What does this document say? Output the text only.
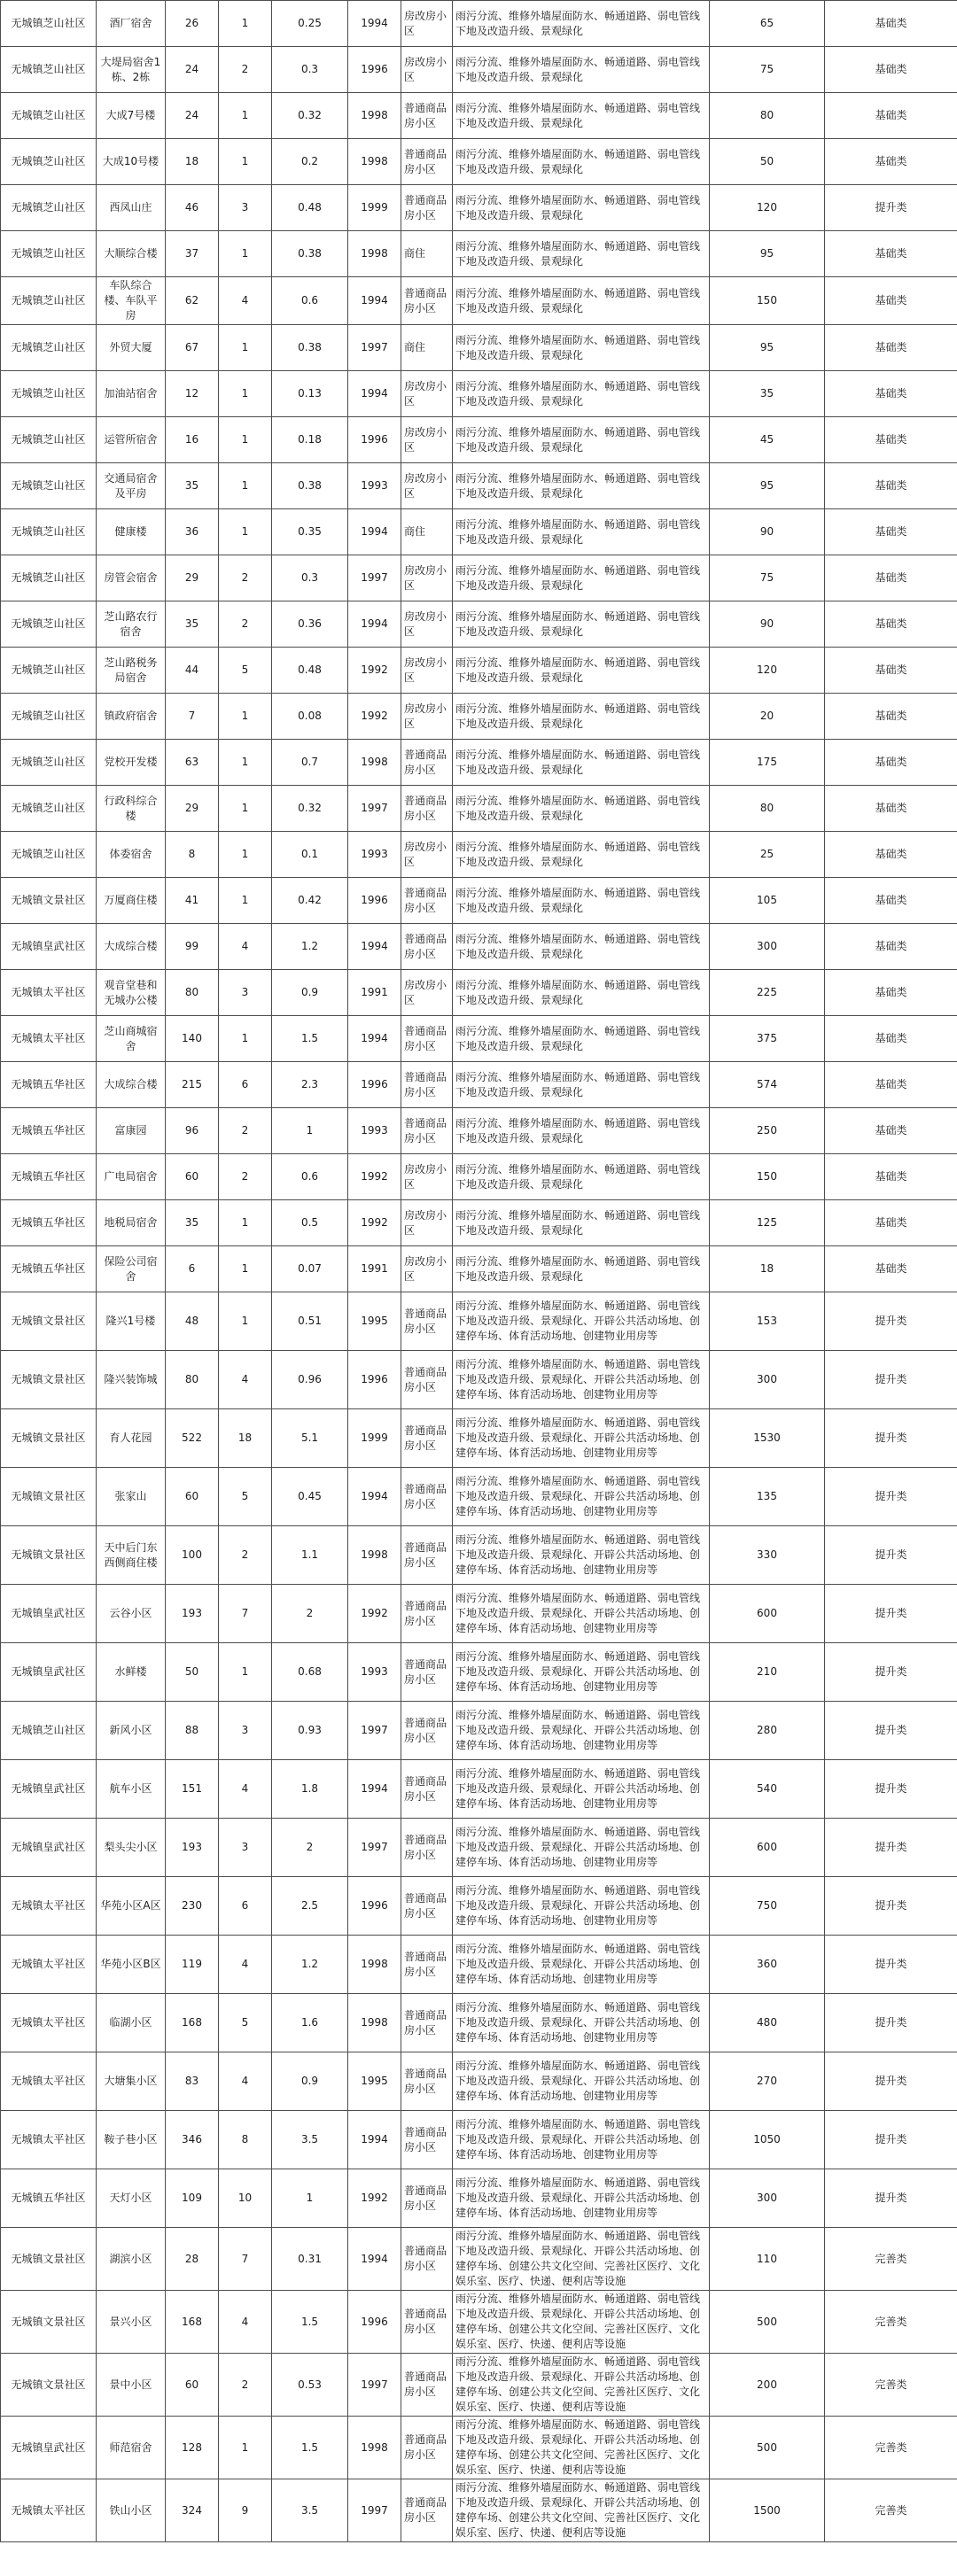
无城镇芝山社区	酒厂宿舍	26	1	0.25	1994	房改房小区	雨污分流、维修外墙屋面防水、畅通道路、弱电管线下地及改造升级、景观绿化	65	基础类
无城镇芝山社区	大堤局宿舍1栋、2栋	24	2	0.3	1996	房改房小区	雨污分流、维修外墙屋面防水、畅通道路、弱电管线下地及改造升级、景观绿化	75	基础类
无城镇芝山社区	大成7号楼	24	1	0.32	1998	普通商品房小区	雨污分流、维修外墙屋面防水、畅通道路、弱电管线下地及改造升级、景观绿化	80	基础类
无城镇芝山社区	大成10号楼	18	1	0.2	1998	普通商品房小区	雨污分流、维修外墙屋面防水、畅通道路、弱电管线下地及改造升级、景观绿化	50	基础类
无城镇芝山社区	西凤山庄	46	3	0.48	1999	普通商品房小区	雨污分流、维修外墙屋面防水、畅通道路、弱电管线下地及改造升级、景观绿化	120	提升类
无城镇芝山社区	大顺综合楼	37	1	0.38	1998	商住	雨污分流、维修外墙屋面防水、畅通道路、弱电管线下地及改造升级、景观绿化	95	基础类
无城镇芝山社区	车队综合楼、车队平房	62	4	0.6	1994	普通商品房小区	雨污分流、维修外墙屋面防水、畅通道路、弱电管线下地及改造升级、景观绿化	150	基础类
无城镇芝山社区	外贸大厦	67	1	0.38	1997	商住	雨污分流、维修外墙屋面防水、畅通道路、弱电管线下地及改造升级、景观绿化	95	基础类
无城镇芝山社区	加油站宿舍	12	1	0.13	1994	房改房小区	雨污分流、维修外墙屋面防水、畅通道路、弱电管线下地及改造升级、景观绿化	35	基础类
无城镇芝山社区	运管所宿舍	16	1	0.18	1996	房改房小区	雨污分流、维修外墙屋面防水、畅通道路、弱电管线下地及改造升级、景观绿化	45	基础类
无城镇芝山社区	交通局宿舍及平房	35	1	0.38	1993	房改房小区	雨污分流、维修外墙屋面防水、畅通道路、弱电管线下地及改造升级、景观绿化	95	基础类
无城镇芝山社区	健康楼	36	1	0.35	1994	商住	雨污分流、维修外墙屋面防水、畅通道路、弱电管线下地及改造升级、景观绿化	90	基础类
无城镇芝山社区	房管会宿舍	29	2	0.3	1997	房改房小区	雨污分流、维修外墙屋面防水、畅通道路、弱电管线下地及改造升级、景观绿化	75	基础类
无城镇芝山社区	芝山路农行宿舍	35	2	0.36	1994	房改房小区	雨污分流、维修外墙屋面防水、畅通道路、弱电管线下地及改造升级、景观绿化	90	基础类
无城镇芝山社区	芝山路税务局宿舍	44	5	0.48	1992	房改房小区	雨污分流、维修外墙屋面防水、畅通道路、弱电管线下地及改造升级、景观绿化	120	基础类
无城镇芝山社区	镇政府宿舍	7	1	0.08	1992	房改房小区	雨污分流、维修外墙屋面防水、畅通道路、弱电管线下地及改造升级、景观绿化	20	基础类
无城镇芝山社区	党校开发楼	63	1	0.7	1998	普通商品房小区	雨污分流、维修外墙屋面防水、畅通道路、弱电管线下地及改造升级、景观绿化	175	基础类
无城镇芝山社区	行政科综合楼	29	1	0.32	1997	普通商品房小区	雨污分流、维修外墙屋面防水、畅通道路、弱电管线下地及改造升级、景观绿化	80	基础类
无城镇芝山社区	体委宿舍	8	1	0.1	1993	房改房小区	雨污分流、维修外墙屋面防水、畅通道路、弱电管线下地及改造升级、景观绿化	25	基础类
无城镇文景社区	万厦商住楼	41	1	0.42	1996	普通商品房小区	雨污分流、维修外墙屋面防水、畅通道路、弱电管线下地及改造升级、景观绿化	105	基础类
无城镇皇武社区	大成综合楼	99	4	1.2	1994	普通商品房小区	雨污分流、维修外墙屋面防水、畅通道路、弱电管线下地及改造升级、景观绿化	300	基础类
无城镇太平社区	观音堂巷和无城办公楼	80	3	0.9	1991	房改房小区	雨污分流、维修外墙屋面防水、畅通道路、弱电管线下地及改造升级、景观绿化	225	基础类
无城镇太平社区	芝山商城宿舍	140	1	1.5	1994	普通商品房小区	雨污分流、维修外墙屋面防水、畅通道路、弱电管线下地及改造升级、景观绿化	375	基础类
无城镇五华社区	大成综合楼	215	6	2.3	1996	普通商品房小区	雨污分流、维修外墙屋面防水、畅通道路、弱电管线下地及改造升级、景观绿化	574	基础类
无城镇五华社区	富康园	96	2	1	1993	普通商品房小区	雨污分流、维修外墙屋面防水、畅通道路、弱电管线下地及改造升级、景观绿化	250	基础类
无城镇五华社区	广电局宿舍	60	2	0.6	1992	房改房小区	雨污分流、维修外墙屋面防水、畅通道路、弱电管线下地及改造升级、景观绿化	150	基础类
无城镇五华社区	地税局宿舍	35	1	0.5	1992	房改房小区	雨污分流、维修外墙屋面防水、畅通道路、弱电管线下地及改造升级、景观绿化	125	基础类
无城镇五华社区	保险公司宿舍	6	1	0.07	1991	房改房小区	雨污分流、维修外墙屋面防水、畅通道路、弱电管线下地及改造升级、景观绿化	18	基础类
无城镇文景社区	隆兴1号楼	48	1	0.51	1995	普通商品房小区	雨污分流、维修外墙屋面防水、畅通道路、弱电管线下地及改造升级、景观绿化、开辟公共活动场地、创建停车场、体育活动场地、创建物业用房等	153	提升类
无城镇文景社区	隆兴装饰城	80	4	0.96	1996	普通商品房小区	雨污分流、维修外墙屋面防水、畅通道路、弱电管线下地及改造升级、景观绿化、开辟公共活动场地、创建停车场、体育活动场地、创建物业用房等	300	提升类
无城镇文景社区	育人花园	522	18	5.1	1999	普通商品房小区	雨污分流、维修外墙屋面防水、畅通道路、弱电管线下地及改造升级、景观绿化、开辟公共活动场地、创建停车场、体育活动场地、创建物业用房等	1530	提升类
无城镇文景社区	张家山	60	5	0.45	1994	普通商品房小区	雨污分流、维修外墙屋面防水、畅通道路、弱电管线下地及改造升级、景观绿化、开辟公共活动场地、创建停车场、体育活动场地、创建物业用房等	135	提升类
无城镇文景社区	天中后门东西侧商住楼	100	2	1.1	1998	普通商品房小区	雨污分流、维修外墙屋面防水、畅通道路、弱电管线下地及改造升级、景观绿化、开辟公共活动场地、创建停车场、体育活动场地、创建物业用房等	330	提升类
无城镇皇武社区	云谷小区	193	7	2	1992	普通商品房小区	雨污分流、维修外墙屋面防水、畅通道路、弱电管线下地及改造升级、景观绿化、开辟公共活动场地、创建停车场、体育活动场地、创建物业用房等	600	提升类
无城镇皇武社区	水鲜楼	50	1	0.68	1993	普通商品房小区	雨污分流、维修外墙屋面防水、畅通道路、弱电管线下地及改造升级、景观绿化、开辟公共活动场地、创建停车场、体育活动场地、创建物业用房等	210	提升类
无城镇芝山社区	新风小区	88	3	0.93	1997	普通商品房小区	雨污分流、维修外墙屋面防水、畅通道路、弱电管线下地及改造升级、景观绿化、开辟公共活动场地、创建停车场、体育活动场地、创建物业用房等	280	提升类
无城镇皇武社区	航车小区	151	4	1.8	1994	普通商品房小区	雨污分流、维修外墙屋面防水、畅通道路、弱电管线下地及改造升级、景观绿化、开辟公共活动场地、创建停车场、体育活动场地、创建物业用房等	540	提升类
无城镇皇武社区	梨头尖小区	193	3	2	1997	普通商品房小区	雨污分流、维修外墙屋面防水、畅通道路、弱电管线下地及改造升级、景观绿化、开辟公共活动场地、创建停车场、体育活动场地、创建物业用房等	600	提升类
无城镇太平社区	华苑小区A区	230	6	2.5	1996	普通商品房小区	雨污分流、维修外墙屋面防水、畅通道路、弱电管线下地及改造升级、景观绿化、开辟公共活动场地、创建停车场、体育活动场地、创建物业用房等	750	提升类
无城镇太平社区	华苑小区B区	119	4	1.2	1998	普通商品房小区	雨污分流、维修外墙屋面防水、畅通道路、弱电管线下地及改造升级、景观绿化、开辟公共活动场地、创建停车场、体育活动场地、创建物业用房等	360	提升类
无城镇太平社区	临湖小区	168	5	1.6	1998	普通商品房小区	雨污分流、维修外墙屋面防水、畅通道路、弱电管线下地及改造升级、景观绿化、开辟公共活动场地、创建停车场、体育活动场地、创建物业用房等	480	提升类
无城镇太平社区	大塘集小区	83	4	0.9	1995	普通商品房小区	雨污分流、维修外墙屋面防水、畅通道路、弱电管线下地及改造升级、景观绿化、开辟公共活动场地、创建停车场、体育活动场地、创建物业用房等	270	提升类
无城镇太平社区	鞍子巷小区	346	8	3.5	1994	普通商品房小区	雨污分流、维修外墙屋面防水、畅通道路、弱电管线下地及改造升级、景观绿化、开辟公共活动场地、创建停车场、体育活动场地、创建物业用房等	1050	提升类
无城镇五华社区	天灯小区	109	10	1	1992	普通商品房小区	雨污分流、维修外墙屋面防水、畅通道路、弱电管线下地及改造升级、景观绿化、开辟公共活动场地、创建停车场、体育活动场地、创建物业用房等	300	提升类
无城镇文景社区	湖滨小区	28	7	0.31	1994	普通商品房小区	雨污分流、维修外墙屋面防水、畅通道路、弱电管线下地及改造升级、景观绿化、开辟公共活动场地、创建停车场、创建公共文化空间、完善社区医疗、文化娱乐室、医疗、快递、便利店等设施	110	完善类
无城镇文景社区	景兴小区	168	4	1.5	1996	普通商品房小区	雨污分流、维修外墙屋面防水、畅通道路、弱电管线下地及改造升级、景观绿化、开辟公共活动场地、创建停车场、创建公共文化空间、完善社区医疗、文化娱乐室、医疗、快递、便利店等设施	500	完善类
无城镇文景社区	景中小区	60	2	0.53	1997	普通商品房小区	雨污分流、维修外墙屋面防水、畅通道路、弱电管线下地及改造升级、景观绿化、开辟公共活动场地、创建停车场、创建公共文化空间、完善社区医疗、文化娱乐室、医疗、快递、便利店等设施	200	完善类
无城镇皇武社区	师范宿舍	128	1	1.5	1998	普通商品房小区	雨污分流、维修外墙屋面防水、畅通道路、弱电管线下地及改造升级、景观绿化、开辟公共活动场地、创建停车场、创建公共文化空间、完善社区医疗、文化娱乐室、医疗、快递、便利店等设施	500	完善类
无城镇太平社区	铁山小区	324	9	3.5	1997	普通商品房小区	雨污分流、维修外墙屋面防水、畅通道路、弱电管线下地及改造升级、景观绿化、开辟公共活动场地、创建停车场、创建公共文化空间、完善社区医疗、文化娱乐室、医疗、快递、便利店等设施	1500	完善类
